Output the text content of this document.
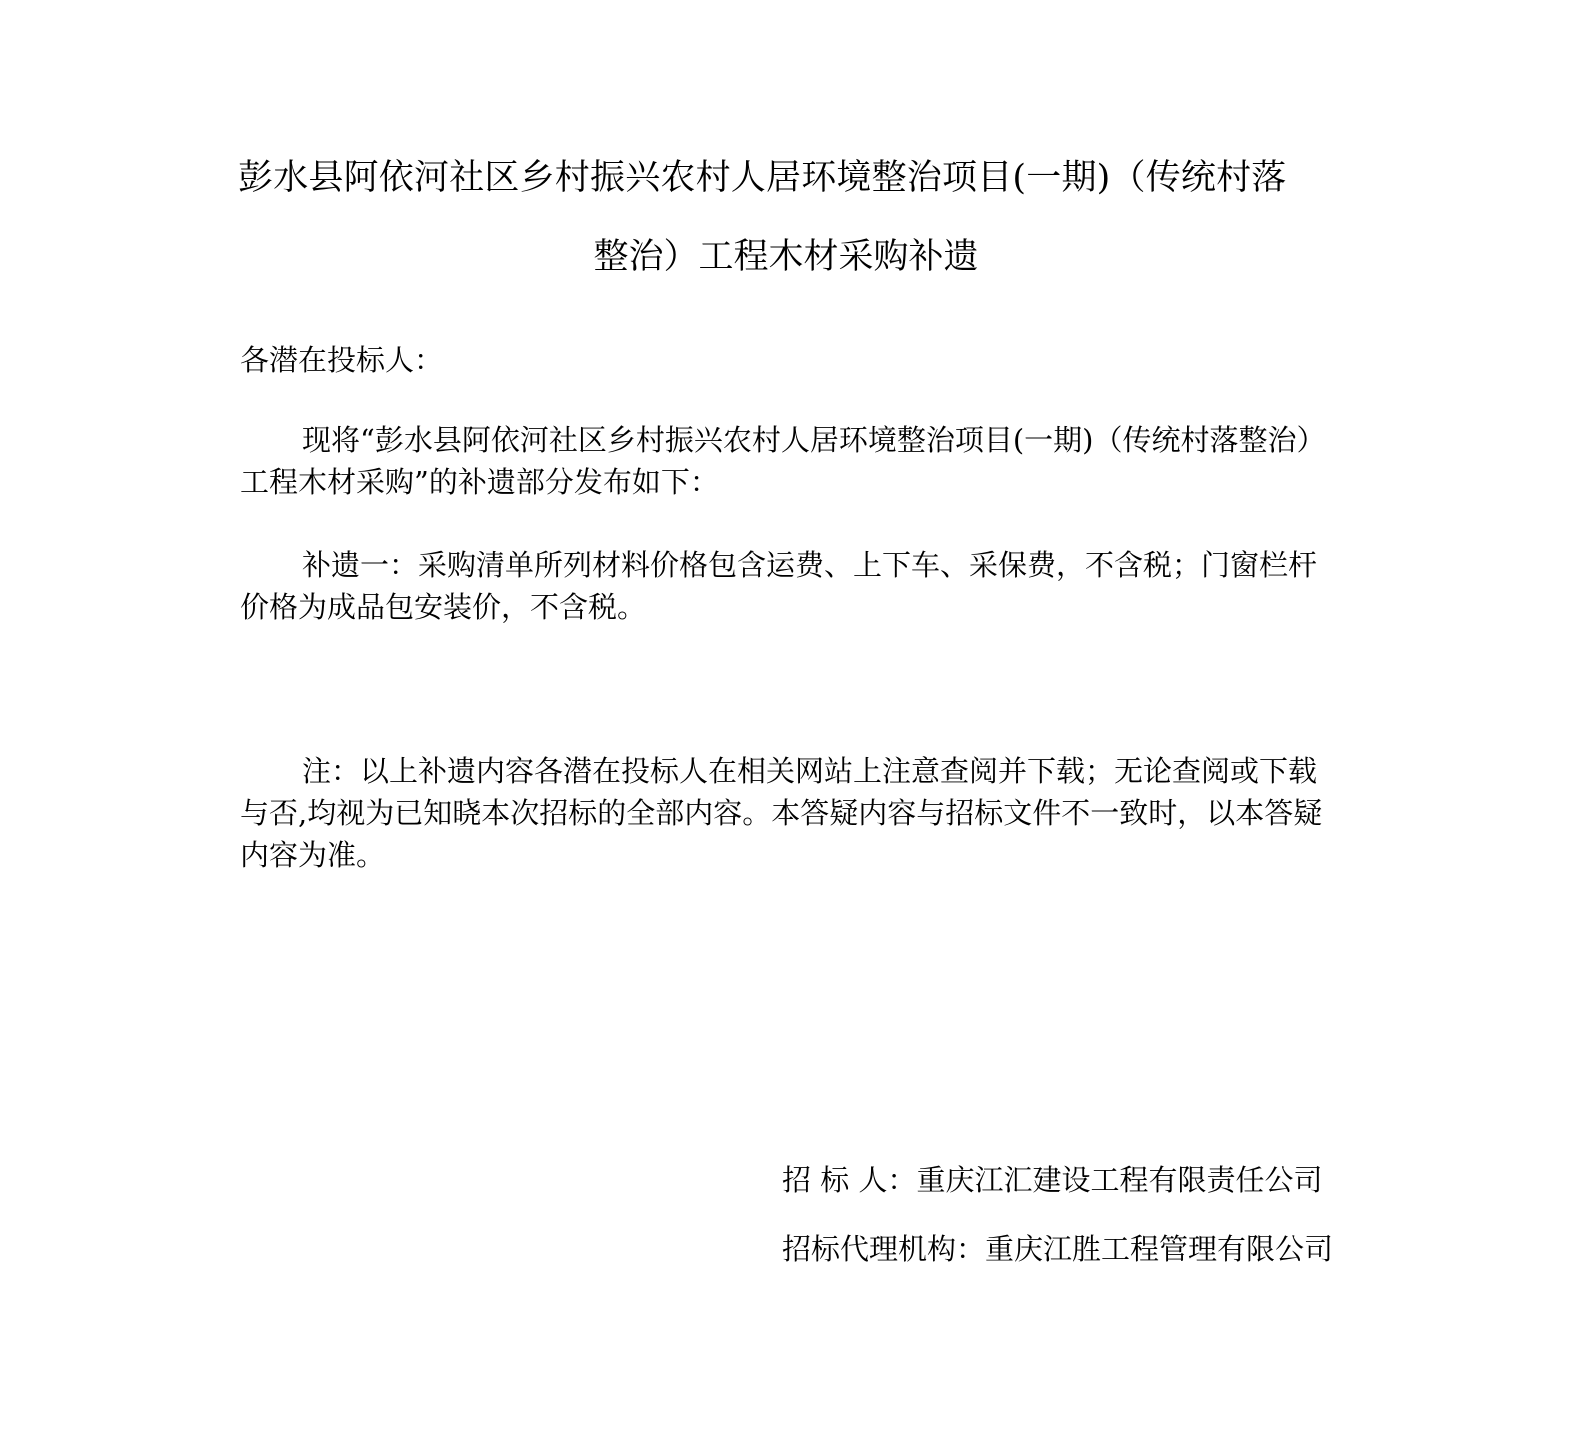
彭水县阿依河社区乡村振兴农村人居环境整治项目(一期)（传统村落
整治）工程木材采购补遗

各潜在投标人：

现将“彭水县阿依河社区乡村振兴农村人居环境整治项目(一期)（传统村落整治）工程木材采购”的补遗部分发布如下：

补遗一：采购清单所列材料价格包含运费、上下车、采保费，不含税；门窗栏杆价格为成品包安装价，不含税。

注：以上补遗内容各潜在投标人在相关网站上注意查阅并下载；无论查阅或下载与否,均视为已知晓本次招标的全部内容。本答疑内容与招标文件不一致时，以本答疑内容为准。

招 标 人：重庆江汇建设工程有限责任公司

招标代理机构：重庆江胜工程管理有限公司
